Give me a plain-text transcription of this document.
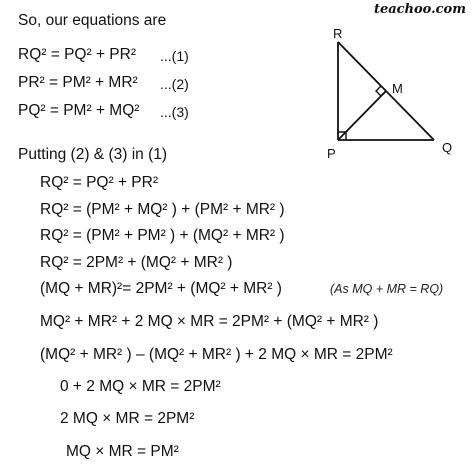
teachoo.com
So, our equations are
RQ² = PQ² + PR² ...(1)
PR² = PM² + MR² ...(2)
PQ² = PM² + MQ² ...(3)
Putting (2) & (3) in (1)
RQ² = PQ² + PR²
RQ² = (PM² + MQ² ) + (PM² + MR² )
RQ² = (PM² + PM² ) + (MQ² + MR² )
RQ² = 2PM² + (MQ² + MR² )
(MQ + MR)²= 2PM² + (MQ² + MR² )	(As MQ + MR = RQ)
MQ² + MR² + 2 MQ × MR = 2PM² + (MQ² + MR² )
(MQ² + MR² ) – (MQ² + MR² ) + 2 MQ × MR = 2PM²
0 + 2 MQ × MR = 2PM²
2 MQ × MR = 2PM²
MQ × MR = PM²
R
M
P	Q
